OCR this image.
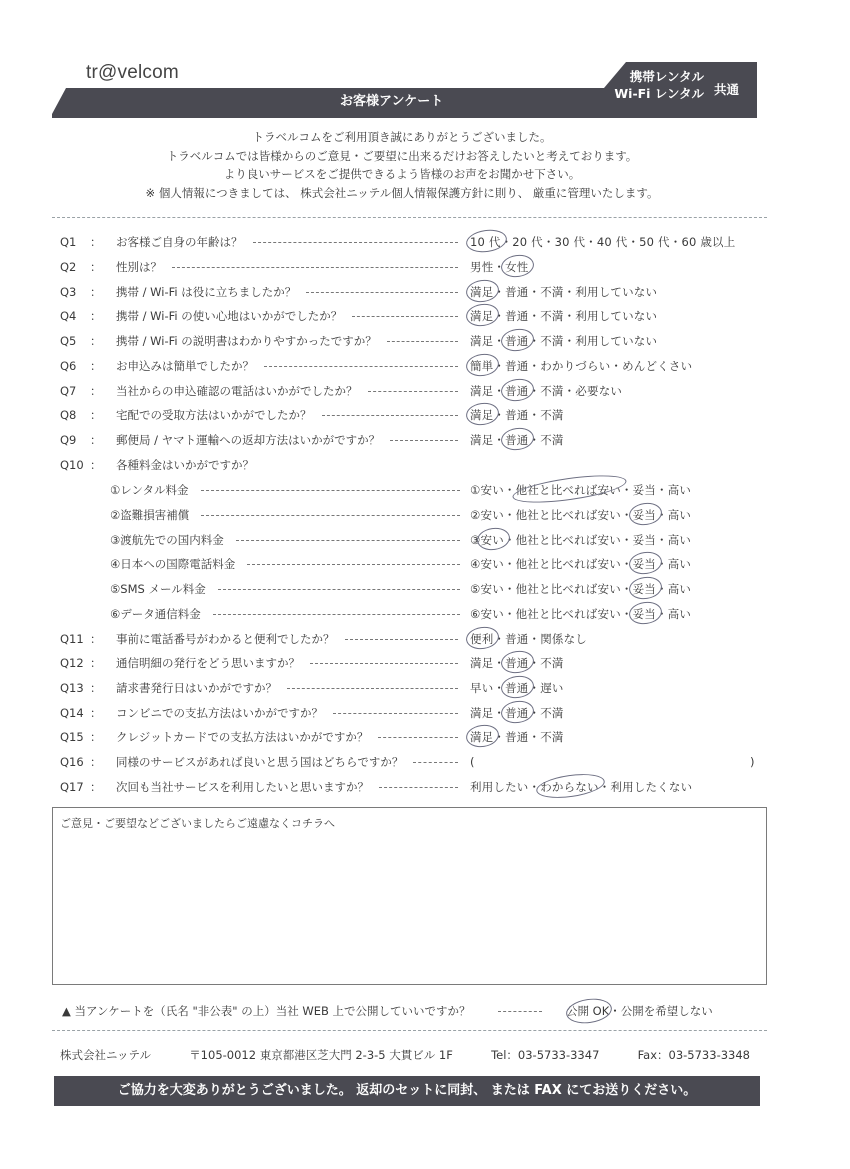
tr@velcom
お客様アンケート
携帯レンタル
Wi-Fi レンタル 共通
トラベルコムをご利用頂き誠にありがとうございました。
トラベルコムでは皆様からのご意見・ご要望に出来るだけお答えしたいと考えております。
より良いサービスをご提供できるよう皆様のお声をお聞かせ下さい。
※ 個人情報につきましては、 株式会社ニッテル個人情報保護方針に則り、 厳重に管理いたします。
Q1	：	お客様ご自身の年齢は？	10 代・20 代・30 代・40 代・50 代・60 歳以上
Q2	：	性別は？	男性・女性
Q3	：	携帯 / Wi-Fi は役に立ちましたか？	満足・普通・不満・利用していない
Q4	：	携帯 / Wi-Fi の使い心地はいかがでしたか？	満足・普通・不満・利用していない
Q5	：	携帯 / Wi-Fi の説明書はわかりやすかったですか？	満足・普通・不満・利用していない
Q6	：	お申込みは簡単でしたか？	簡単・普通・わかりづらい・めんどくさい
Q7	：	当社からの申込確認の電話はいかがでしたか？	満足・普通・不満・必要ない
Q8	：	宅配での受取方法はいかがでしたか？	満足・普通・不満
Q9	：	郵便局 / ヤマト運輸への返却方法はいかがですか？	満足・普通・不満
Q10 ：	各種料金はいかがですか？
①レンタル料金	①安い・他社と比べれば安い・妥当・高い
②盗難損害補償	②安い・他社と比べれば安い・妥当・高い
③渡航先での国内料金	③安い・他社と比べれば安い・妥当・高い
④日本への国際電話料金	④安い・他社と比べれば安い・妥当・高い
⑤SMS メール料金	⑤安い・他社と比べれば安い・妥当・高い
⑥データ通信料金	⑥安い・他社と比べれば安い・妥当・高い
Q11 ：	事前に電話番号がわかると便利でしたか？	便利・普通・関係なし
Q12 ：	通信明細の発行をどう思いますか？	満足・普通・不満
Q13 ：	請求書発行日はいかがですか？	早い・普通・遅い
Q14 ：	コンビニでの支払方法はいかがですか？	満足・普通・不満
Q15 ：	クレジットカードでの支払方法はいかがですか？	満足・普通・不満
Q16 ：	同様のサービスがあれば良いと思う国はどちらですか？	(	)
Q17 ：	次回も当社サービスを利用したいと思いますか？	利用したい・わからない・利用したくない
ご意見・ご要望などございましたらご遠慮なくコチラへ
▲ 当アンケートを（氏名 "非公表" の上）当社 WEB 上で公開していいですか？	公開 OK・公開を希望しない
株式会社ニッテル	〒105-0012 東京都港区芝大門 2-3-5 大貫ビル 1F	Tel：03-5733-3347	Fax：03-5733-3348
ご協力を大変ありがとうございました。 返却のセットに同封、 または FAX にてお送りください。
